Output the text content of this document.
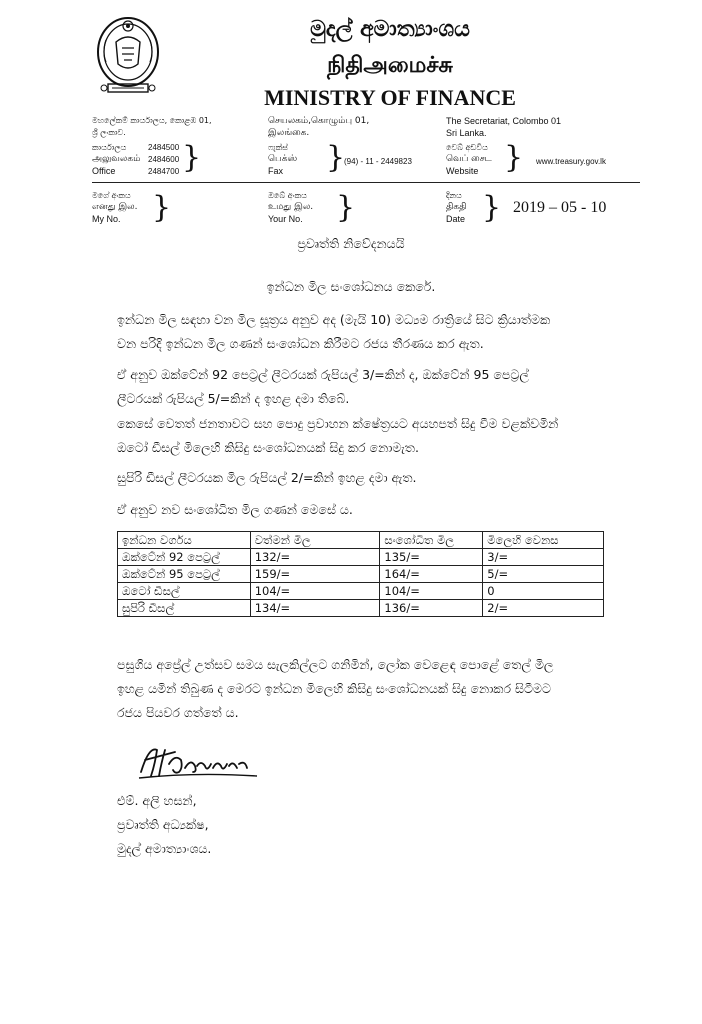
මුදල් අමාත්‍යාංශය
நிதிஅமைச்சு
MINISTRY OF FINANCE
මහලේකම් කාර්යාලය, කොළඹ 01,
ශ්‍රී ලංකාව.
செயலகம்,கொழும்பு 01,
இலங்கை.
The Secretariat, Colombo 01
Sri Lanka.
කාර්යාලය
அலுவலகம்
Office
2484500
2484600
2484700 }	ෆැක්ස්
பெக்ஸ்
Fax }
(94) - 11 - 2449823
වෙබ් අඩවිය
வெப் சைட
Website } www.treasury.gov.lk
මගේ අංකය
எனது இல.
My No. }	ඔබේ අංකය
உமது இல.
Your No. }	දිනය
திகதி
Date } 2019 – 05 - 10
ප්‍රවෘත්ති නිවේදනයයි
ඉන්ධන මිල සංශෝධනය කෙරේ.
ඉන්ධන මිල සඳහා වන මිල සූත්‍රය අනුව අද (මැයි 10) මධ්‍යම රාත්‍රියේ සිට ක්‍රියාත්මක
වන පරිදි ඉන්ධන මිල ගණන් සංශෝධන කිරීමට රජය තීරණය කර ඇත.
ඒ අනුව ඔක්ටේන් 92 පෙට්‍රල් ලීටරයක් රුපියල් 3/=කින් ද, ඔක්ටේන් 95 පෙට්‍රල්
ලීටරයක් රුපියල් 5/=කින් ද ඉහළ දමා තිබේ.
කෙසේ වෙතත් ජනතාවට සහ පොදු ප්‍රවාහන ක්ෂේත්‍රයට අයහපත් සිදු වීම වළක්වමින්
ඔටෝ ඩීසල් මිලෙහි කිසිදු සංශෝධනයක් සිදු කර නොමැත.
සුපිරි ඩීසල් ලීටරයක මිල රුපියල් 2/=කින් ඉහළ දමා ඇත.
ඒ අනුව නව සංශෝධිත මිල ගණන් මෙසේ ය.
ඉන්ධන වර්ගය	වත්මන් මිල	සංශෝධිත මිල	මිලෙහි වෙනස
ඔක්ටේන් 92 පෙට්‍රල්	132/=	135/=	3/=
ඔක්ටේන් 95 පෙට්‍රල්	159/=	164/=	5/=
ඔටෝ ඩීසල්	104/=	104/=	0
සුපිරි ඩීසල්	134/=	136/=	2/=
පසුගිය අප්‍රේල් උත්සව සමය සැලකිල්ලට ගනිමින්, ලෝක වෙළෙඳ පොළේ තෙල් මිල
ඉහළ යමින් තිබුණ ද මෙරට ඉන්ධන මිලෙහි කිසිදු සංශෝධනයක් සිදු නොකර සිටීමට
රජය පියවර ගත්තේ ය.
එම්. අලි හසන්,
ප්‍රවෘත්ති අධ්‍යක්ෂ,
මුදල් අමාත්‍යාංශය.
